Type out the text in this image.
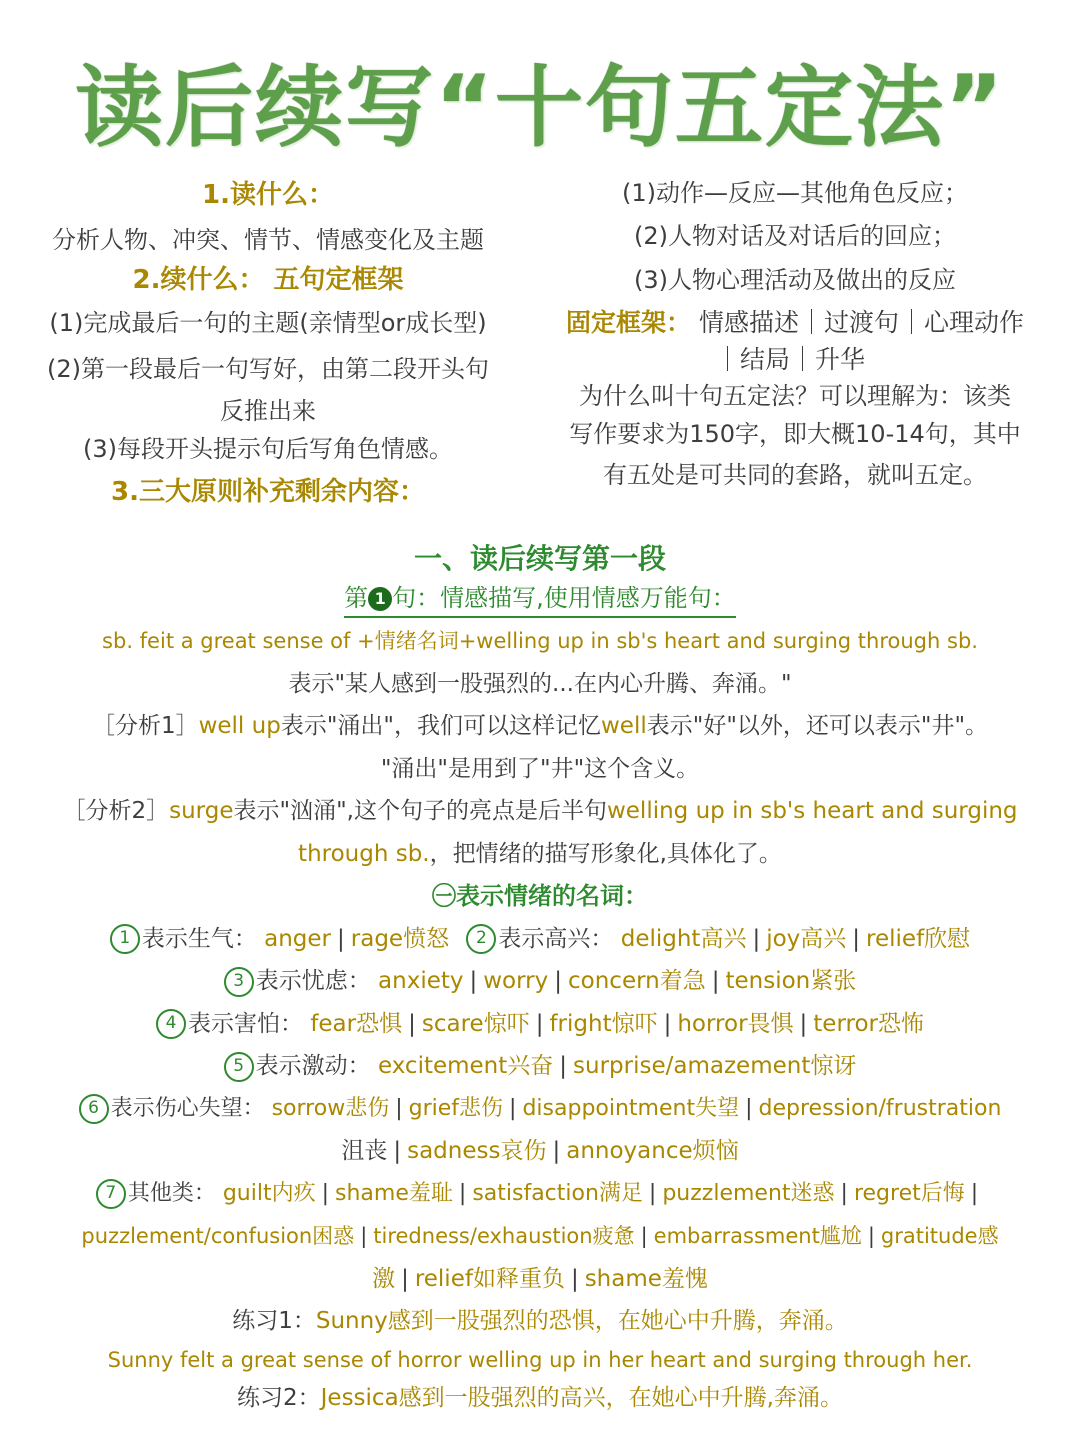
读后续写“十句五定法”
1.读什么：
分析人物、冲突、情节、情感变化及主题
2.续什么： 五句定框架
(1)完成最后一句的主题(亲情型or成长型)
(2)第一段最后一句写好，由第二段开头句
反推出来
(3)每段开头提示句后写角色情感。
3.三大原则补充剩余内容：
(1)动作—反应—其他角色反应；
(2)人物对话及对话后的回应；
(3)人物心理活动及做出的反应
固定框架： 情感描述｜过渡句｜心理动作
｜结局｜升华
为什么叫十句五定法？可以理解为：该类
写作要求为150字，即大概10-14句，其中
有五处是可共同的套路，就叫五定。
一、读后续写第一段
第 1 句：情感描写,使用情感万能句：
sb. feit a great sense of +情绪名词+welling up in sb's heart and surging through sb.
表示"某人感到一股强烈的...在内心升腾、奔涌。"
［分析1］well up表示"涌出"，我们可以这样记忆well表示"好"以外，还可以表示"井"。
"涌出"是用到了"井"这个含义。
［分析2］surge表示"汹涌",这个句子的亮点是后半句welling up in sb's heart and surging
through sb.，把情绪的描写形象化,具体化了。
㊀表示情绪的名词：
1 表示生气： anger | rage愤怒 2 表示高兴： delight高兴 | joy高兴 | relief欣慰
3 表示忧虑： anxiety | worry | concern着急 | tension紧张
4 表示害怕： fear恐惧 | scare惊吓 | fright惊吓 | horror畏惧 | terror恐怖
5 表示激动： excitement兴奋 | surprise/amazement惊讶
6 表示伤心失望： sorrow悲伤 | grief悲伤 | disappointment失望 | depression/frustration
沮丧 | sadness哀伤 | annoyance烦恼
7 其他类： guilt内疚 | shame羞耻 | satisfaction满足 | puzzlement迷惑 | regret后悔 |
puzzlement/confusion困惑 | tiredness/exhaustion疲惫 | embarrassment尴尬 | gratitude感
激 | relief如释重负 | shame羞愧
练习1：Sunny感到一股强烈的恐惧，在她心中升腾，奔涌。
Sunny felt a great sense of horror welling up in her heart and surging through her.
练习2：Jessica感到一股强烈的高兴，在她心中升腾,奔涌。
